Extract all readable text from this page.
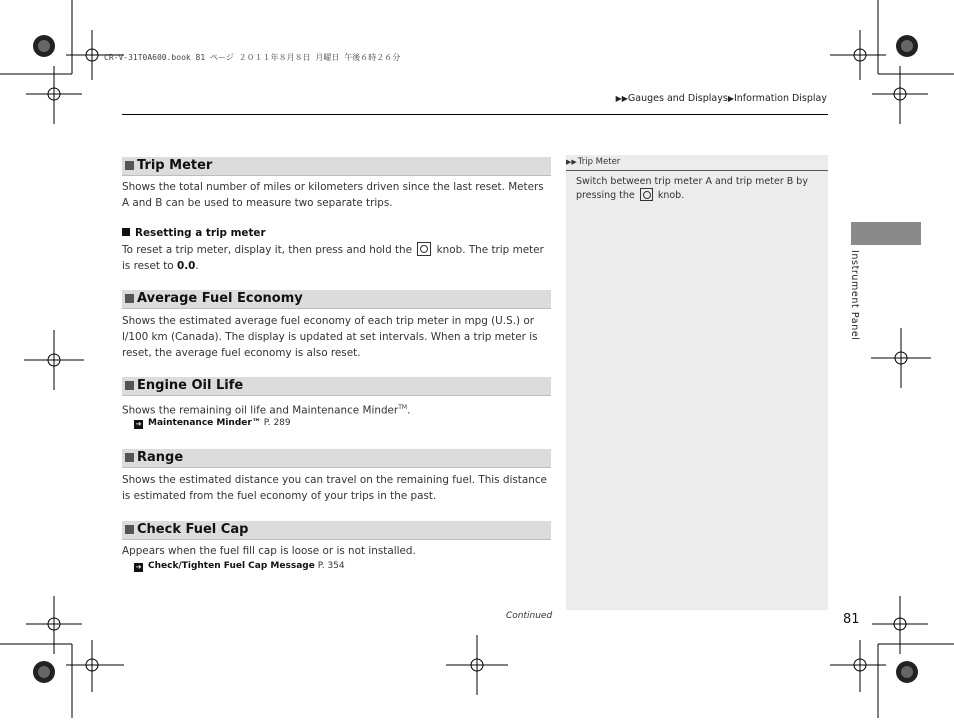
CR-V-31T0A600.book 81 ページ ２０１１年８月８日 月曜日 午後６時２６分
▶▶Gauges and Displays▶Information Display
Trip Meter
Shows the total number of miles or kilometers driven since the last reset. Meters A and B can be used to measure two separate trips.
Resetting a trip meter
To reset a trip meter, display it, then press and hold the knob. The trip meter is reset to 0.0.
Average Fuel Economy
Shows the estimated average fuel economy of each trip meter in mpg (U.S.) or l/100 km (Canada). The display is updated at set intervals. When a trip meter is reset, the average fuel economy is also reset.
Engine Oil Life
Shows the remaining oil life and Maintenance Minder™.
➔ Maintenance Minder™ P. 289
Range
Shows the estimated distance you can travel on the remaining fuel. This distance is estimated from the fuel economy of your trips in the past.
Check Fuel Cap
Appears when the fuel fill cap is loose or is not installed.
➔ Check/Tighten Fuel Cap Message P. 354
▶▶Trip Meter
Switch between trip meter A and trip meter B by pressing the knob.
Instrument Panel
Continued	81
